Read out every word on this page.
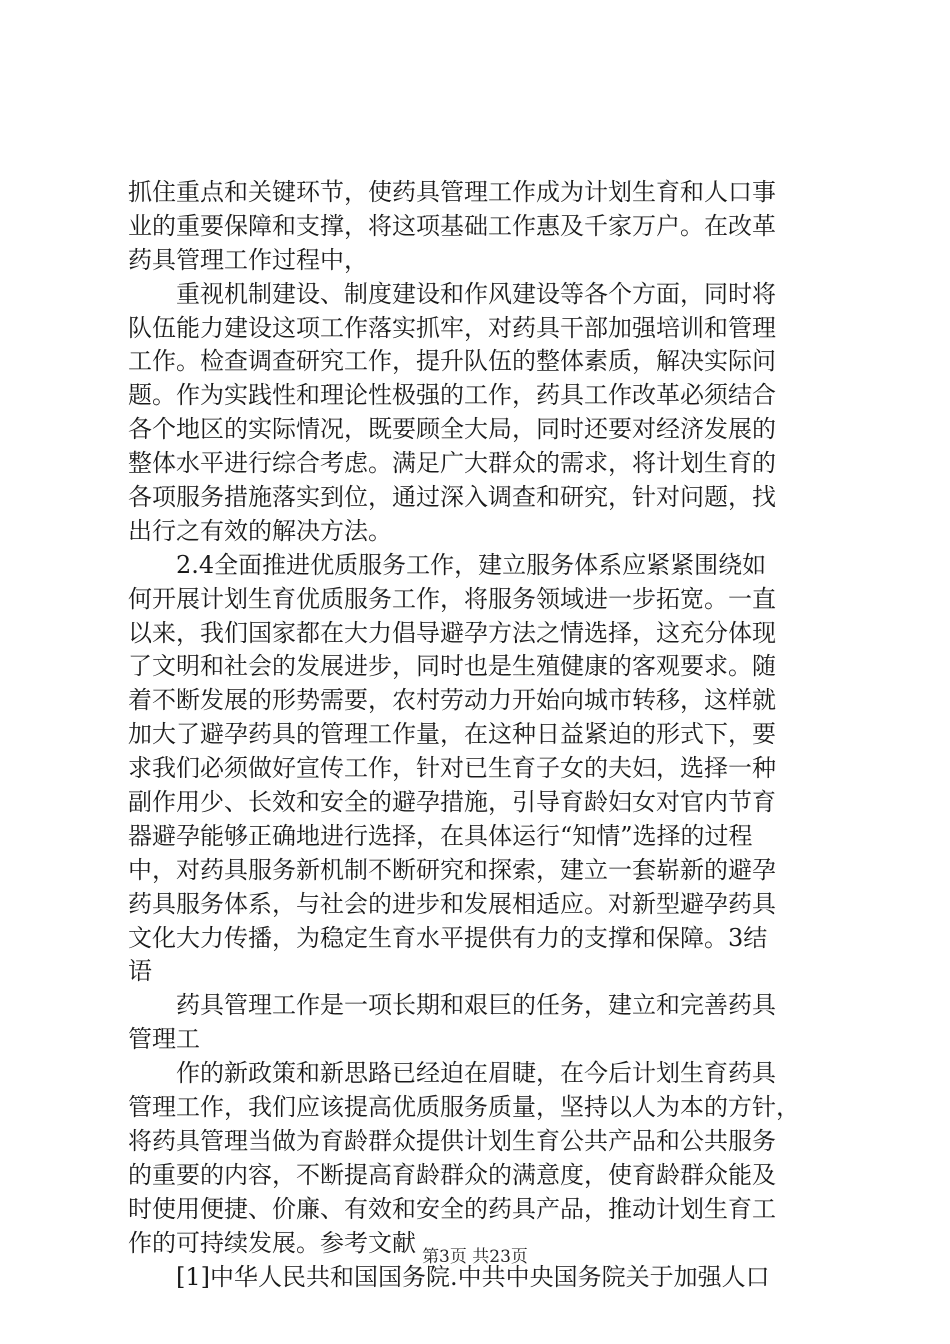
抓住重点和关键环节，使药具管理工作成为计划生育和人口事
业的重要保障和支撑，将这项基础工作惠及千家万户。在改革
药具管理工作过程中，
　　重视机制建设、制度建设和作风建设等各个方面，同时将
队伍能力建设这项工作落实抓牢，对药具干部加强培训和管理
工作。检查调查研究工作，提升队伍的整体素质，解决实际问
题。作为实践性和理论性极强的工作，药具工作改革必须结合
各个地区的实际情况，既要顾全大局，同时还要对经济发展的
整体水平进行综合考虑。满足广大群众的需求，将计划生育的
各项服务措施落实到位，通过深入调查和研究，针对问题，找
出行之有效的解决方法。
　　2.4全面推进优质服务工作，建立服务体系应紧紧围绕如
何开展计划生育优质服务工作，将服务领域进一步拓宽。一直
以来，我们国家都在大力倡导避孕方法之情选择，这充分体现
了文明和社会的发展进步，同时也是生殖健康的客观要求。随
着不断发展的形势需要，农村劳动力开始向城市转移，这样就
加大了避孕药具的管理工作量，在这种日益紧迫的形式下，要
求我们必须做好宣传工作，针对已生育子女的夫妇，选择一种
副作用少、长效和安全的避孕措施，引导育龄妇女对官内节育
器避孕能够正确地进行选择，在具体运行“知情”选择的过程
中，对药具服务新机制不断研究和探索，建立一套崭新的避孕
药具服务体系，与社会的进步和发展相适应。对新型避孕药具
文化大力传播，为稳定生育水平提供有力的支撑和保障。3结
语
　　药具管理工作是一项长期和艰巨的任务，建立和完善药具
管理工
　　作的新政策和新思路已经迫在眉睫，在今后计划生育药具
管理工作，我们应该提高优质服务质量，坚持以人为本的方针，
将药具管理当做为育龄群众提供计划生育公共产品和公共服务
的重要的内容，不断提高育龄群众的满意度，使育龄群众能及
时使用便捷、价廉、有效和安全的药具产品，推动计划生育工
作的可持续发展。参考文献
　　[1]中华人民共和国国务院.中共中央国务院关于加强人口
第3页 共23页
